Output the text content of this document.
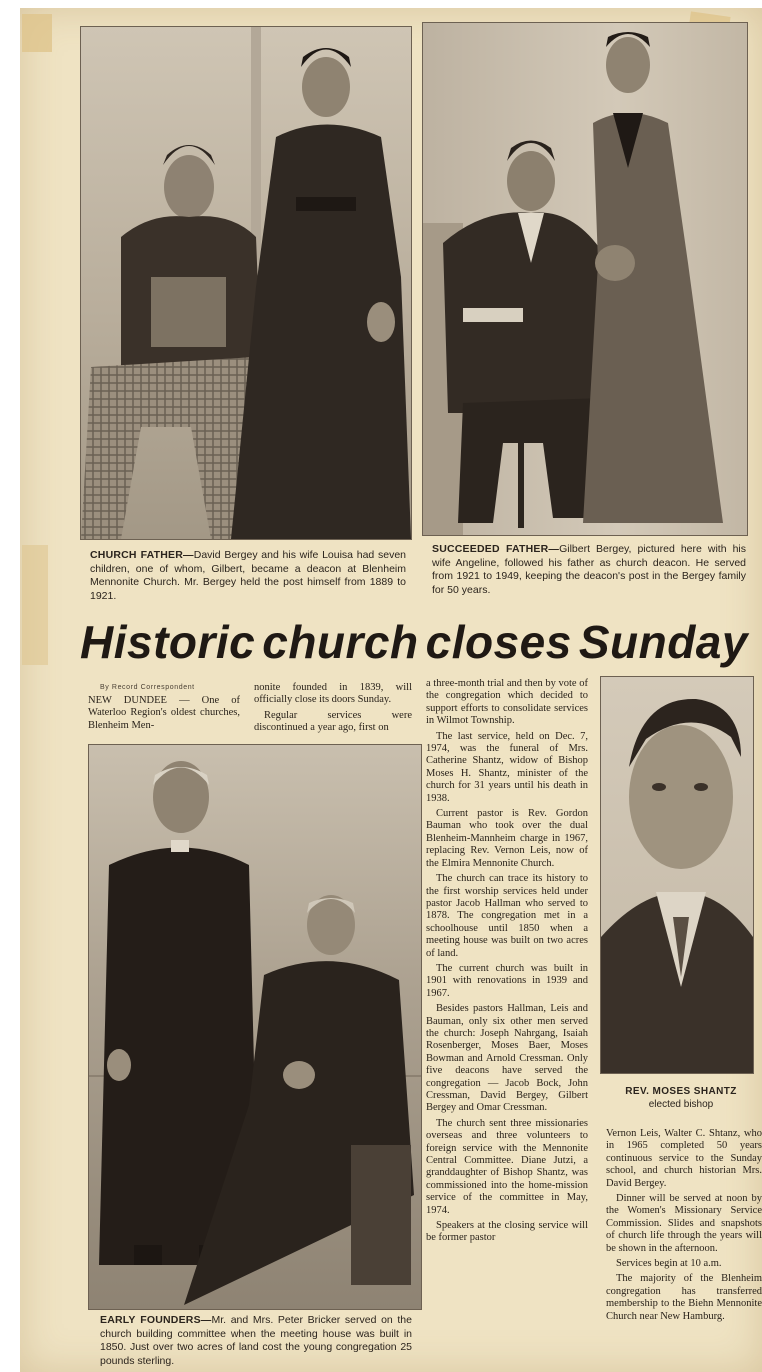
CHURCH FATHER—David Bergey and his wife Louisa had seven children, one of whom, Gilbert, became a deacon at Blenheim Mennonite Church. Mr. Bergey held the post himself from 1889 to 1921.
SUCCEEDED FATHER—Gilbert Bergey, pictured here with his wife Angeline, followed his father as church deacon. He served from 1921 to 1949, keeping the deacon's post in the Bergey family for 50 years.
Historic church closes Sunday
By Record Correspondent

NEW DUNDEE — One of Waterloo Region's oldest churches, Blenheim Men-

nonite founded in 1839, will officially close its doors Sunday.

Regular services were discontinued a year ago, first on

EARLY FOUNDERS—Mr. and Mrs. Peter Bricker served on the church building committee when the meeting house was built in 1850. Just over two acres of land cost the young congregation 25 pounds sterling.

a three-month trial and then by vote of the congregation which decided to support efforts to consolidate services in Wilmot Township.

The last service, held on Dec. 7, 1974, was the funeral of Mrs. Catherine Shantz, widow of Bishop Moses H. Shantz, minister of the church for 31 years until his death in 1938.

Current pastor is Rev. Gordon Bauman who took over the dual Blenheim-Mannheim charge in 1967, replacing Rev. Vernon Leis, now of the Elmira Mennonite Church.

The church can trace its history to the first worship services held under pastor Jacob Hallman who served to 1878. The congregation met in a schoolhouse until 1850 when a meeting house was built on two acres of land.

The current church was built in 1901 with renovations in 1939 and 1967.

Besides pastors Hallman, Leis and Bauman, only six other men served the church: Joseph Nahrgang, Isaiah Rosenberger, Moses Baer, Moses Bowman and Arnold Cressman. Only five deacons have served the congregation — Jacob Bock, John Cressman, David Bergey, Gilbert Bergey and Omar Cressman.

The church sent three missionaries overseas and three volunteers to foreign service with the Mennonite Central Committee. Diane Jutzi, a granddaughter of Bishop Shantz, was commissioned into the home-mission service of the committee in May, 1974.

Speakers at the closing service will be former pastor

REV. MOSES SHANTZ
elected bishop

Vernon Leis, Walter C. Shtanz, who in 1965 completed 50 years continuous service to the Sunday school, and church historian Mrs. David Bergey.

Dinner will be served at noon by the Women's Missionary Service Commission. Slides and snapshots of church life through the years will be shown in the afternoon.

Services begin at 10 a.m.

The majority of the Blenheim congregation has transferred membership to the Biehn Mennonite Church near New Hamburg.
